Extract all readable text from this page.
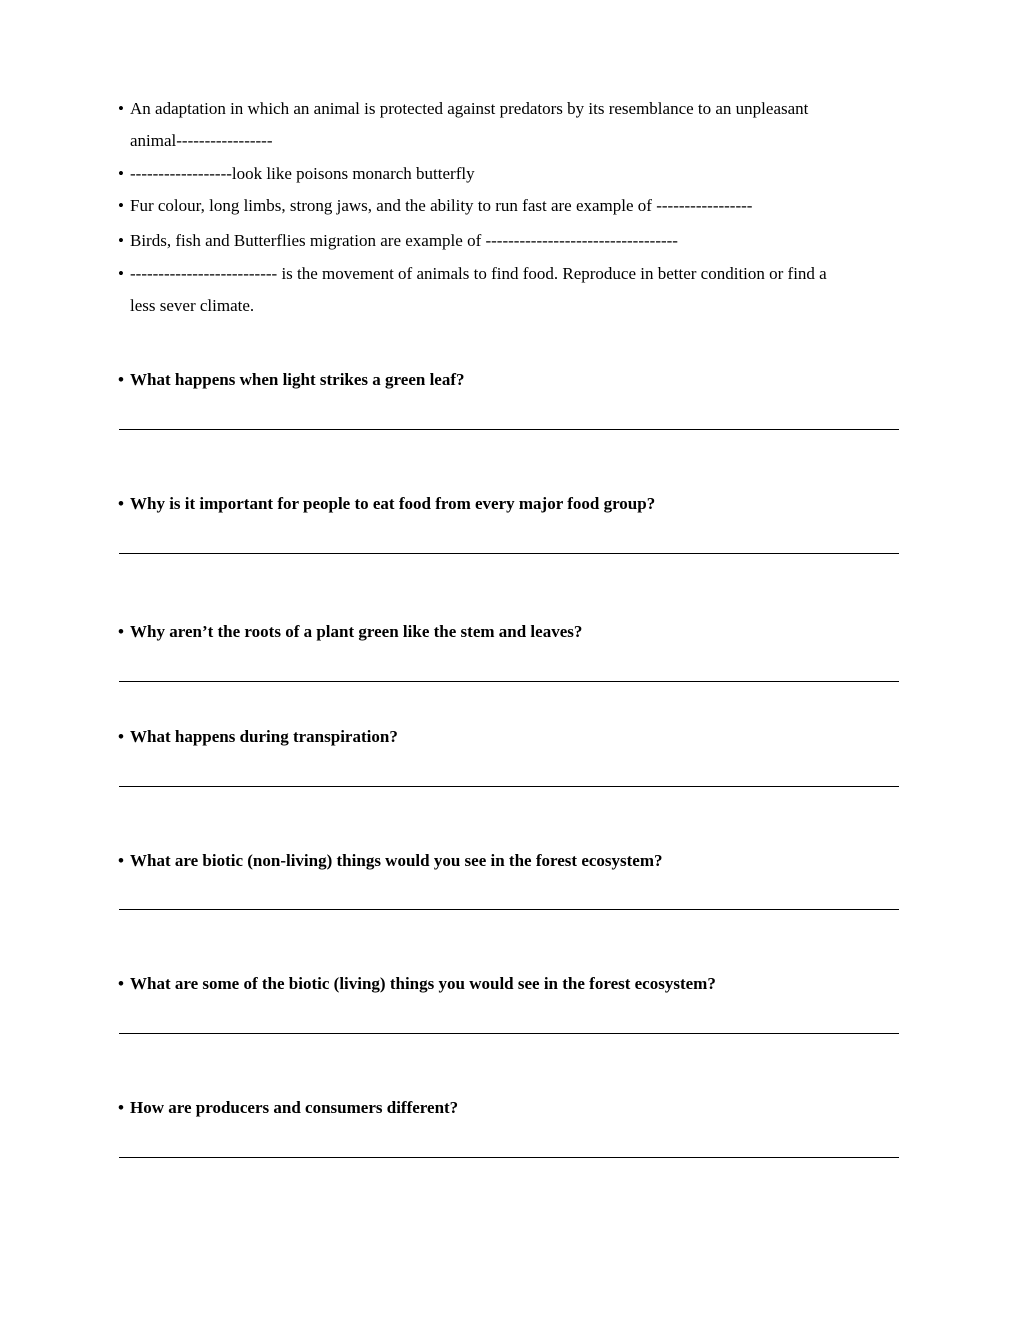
• An adaptation in which an animal is protected against predators by its resemblance to an unpleasant
animal-----------------
• ------------------look like poisons monarch butterfly
• Fur colour, long limbs, strong jaws, and the ability to run fast are example of -----------------
• Birds, fish and Butterflies migration are example of ----------------------------------
• -------------------------- is the movement of animals to find food. Reproduce in better condition or find a
less sever climate.
• What happens when light strikes a green leaf?
• Why is it important for people to eat food from every major food group?
• Why aren’t the roots of a plant green like the stem and leaves?
• What happens during transpiration?
• What are biotic (non-living) things would you see in the forest ecosystem?
• What are some of the biotic (living) things you would see in the forest ecosystem?
• How are producers and consumers different?
